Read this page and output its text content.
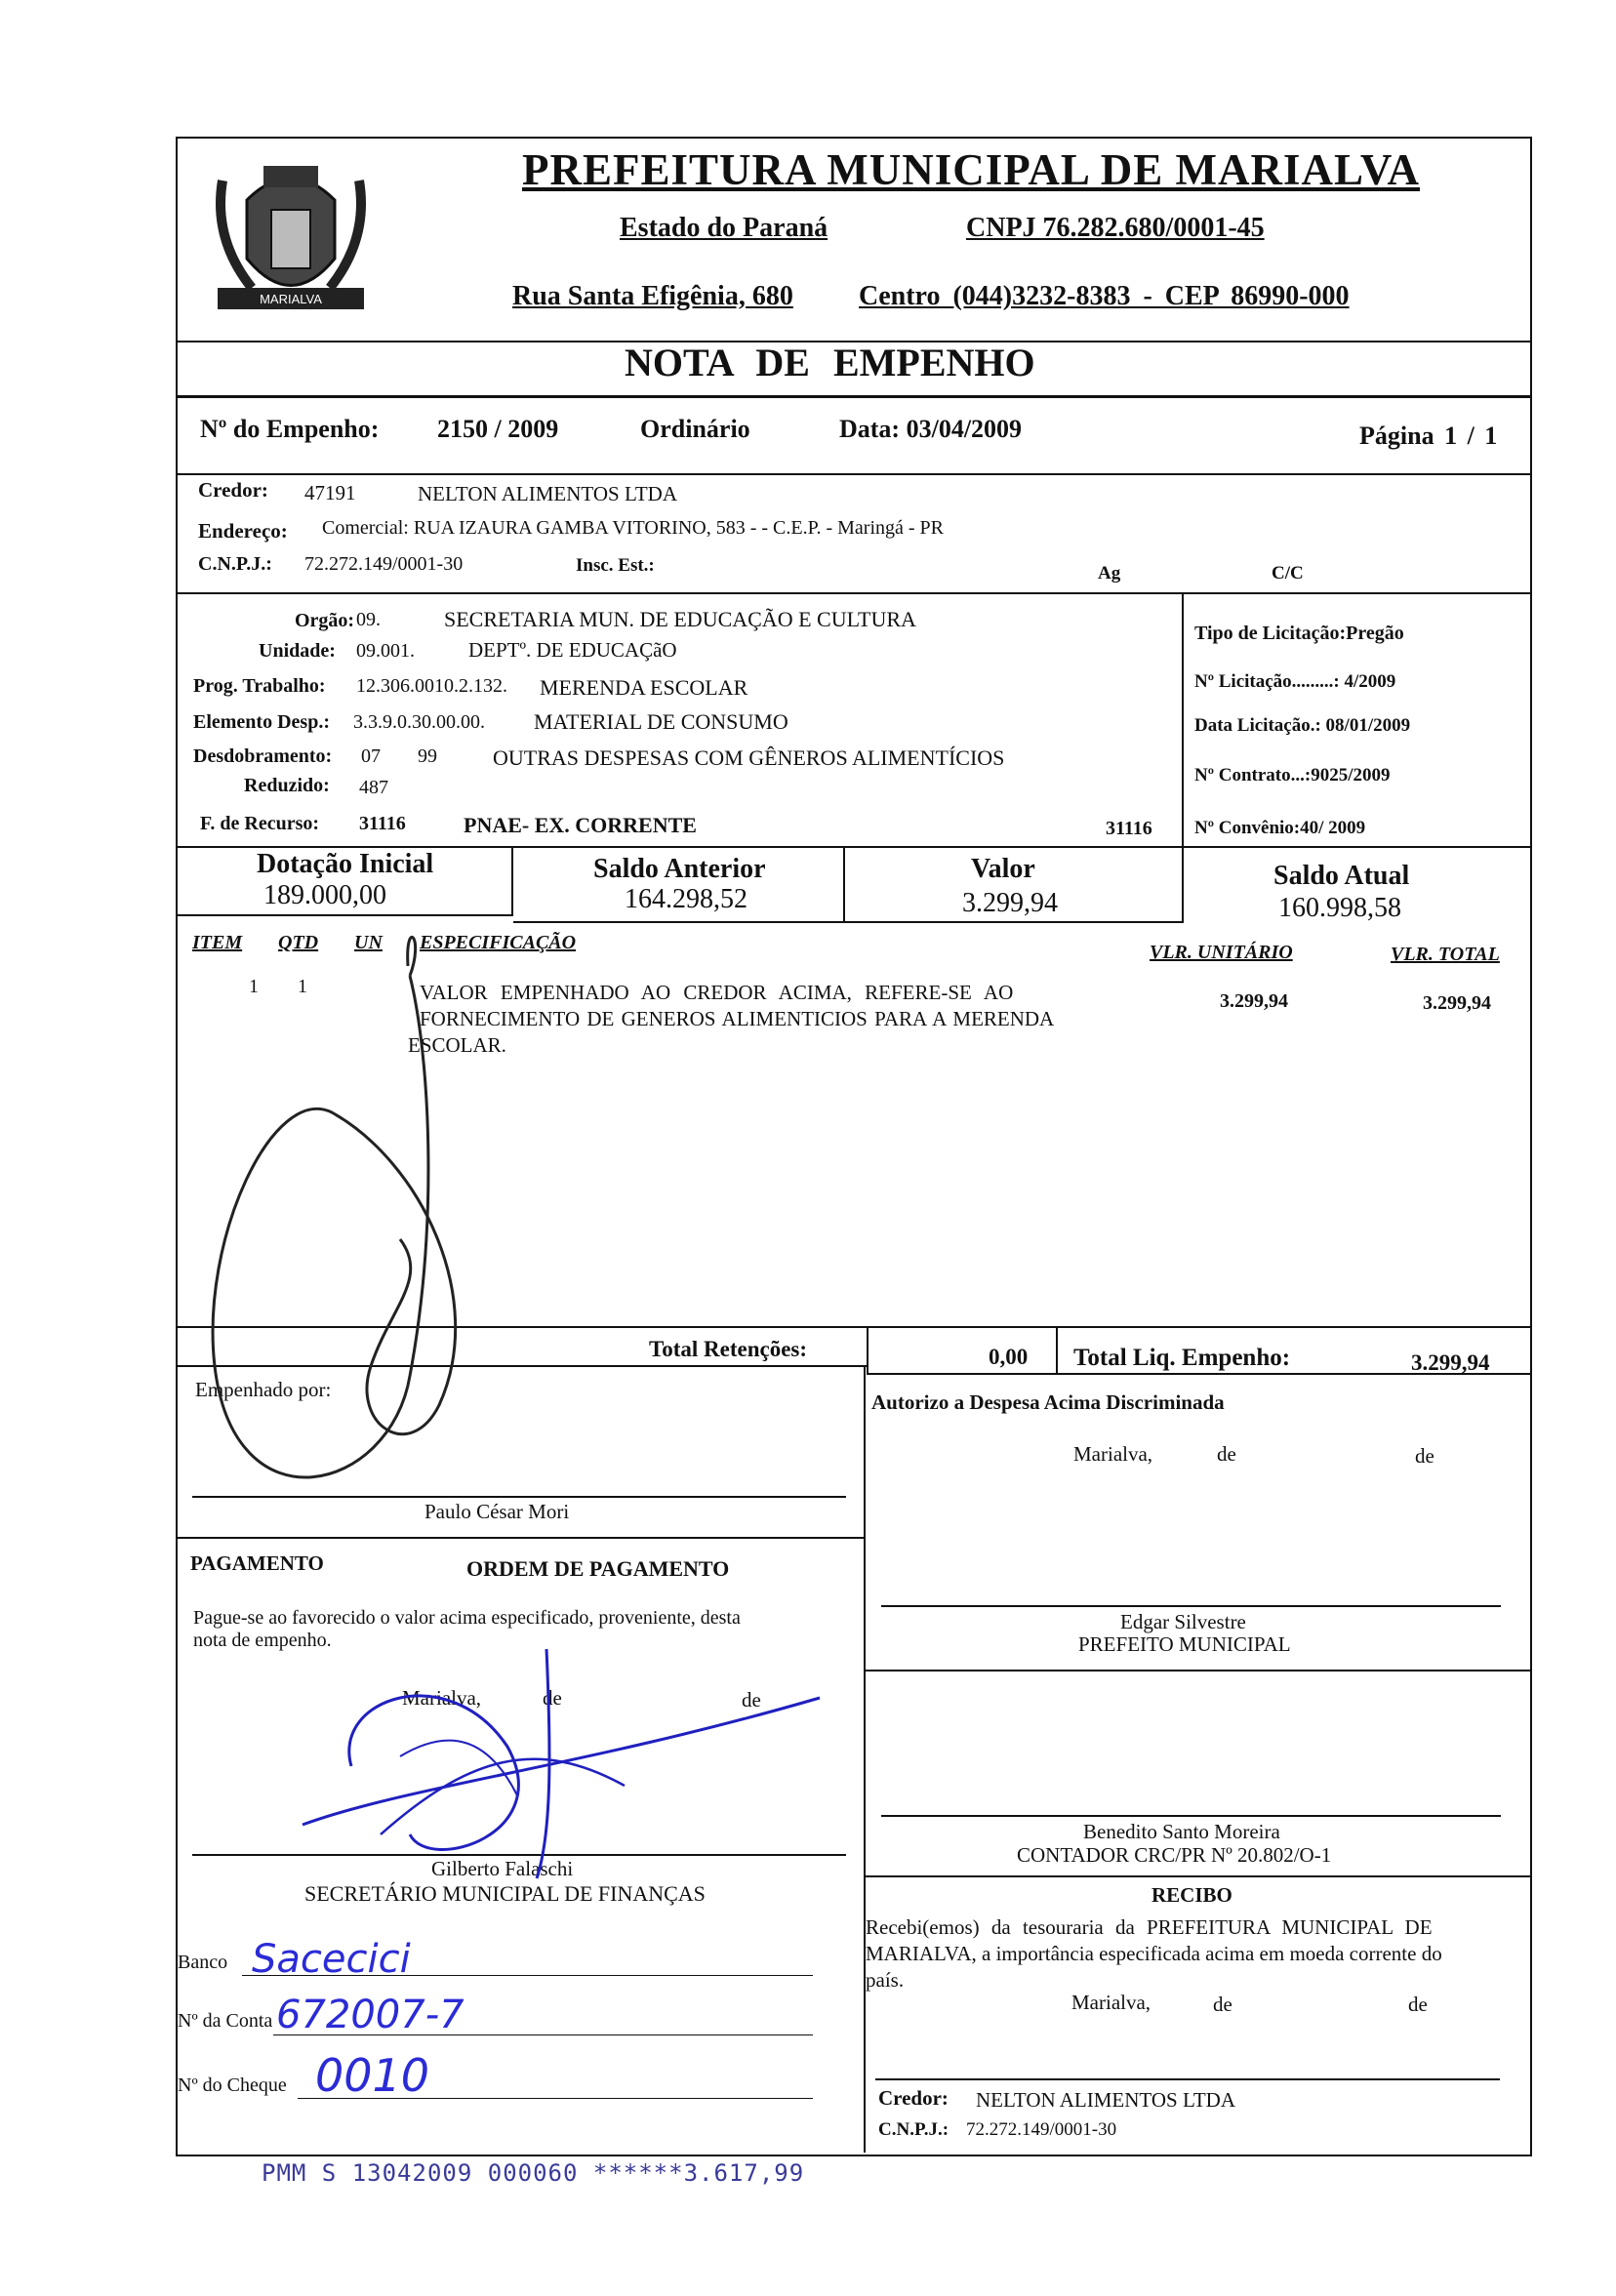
MARIALVA
PREFEITURA MUNICIPAL DE MARIALVA
Estado do Paraná	CNPJ 76.282.680/0001-45
Rua Santa Efigênia, 680 Centro (044)3232-8383 - CEP 86990-000
NOTA DE EMPENHO
Nº do Empenho: 2150 / 2009	Ordinário	Data: 03/04/2009	Página 1 / 1
Credor: 47191	NELTON ALIMENTOS LTDA
Endereço: Comercial: RUA IZAURA GAMBA VITORINO, 583 - - C.E.P. - Maringá - PR
C.N.P.J.: 72.272.149/0001-30	Insc. Est.:	Ag	C/C
Orgão: 09.	SECRETARIA MUN. DE EDUCAÇÃO E CULTURA
Unidade: 09.001.	DEPTº. DE EDUCAÇãO
Prog. Trabalho: 12.306.0010.2.132. MERENDA ESCOLAR
Elemento Desp.: 3.3.9.0.30.00.00. MATERIAL DE CONSUMO
Desdobramento: 07 99	OUTRAS DESPESAS COM GÊNEROS ALIMENTÍCIOS
Reduzido: 487
F. de Recurso: 31116	PNAE- EX. CORRENTE	31116
Tipo de Licitação:Pregão
Nº Licitação.........: 4/2009
Data Licitação.: 08/01/2009
Nº Contrato...:9025/2009
Nº Convênio:40/ 2009
Dotação Inicial
189.000,00
Saldo Anterior
164.298,52
Valor
3.299,94
Saldo Atual
160.998,58
ITEM QTD UN ESPECIFICAÇÃO	VLR. UNITÁRIO	VLR. TOTAL
1 1	VALOR EMPENHADO AO CREDOR ACIMA, REFERE-SE AO
FORNECIMENTO DE GENEROS ALIMENTICIOS PARA A MERENDA
ESCOLAR.
3.299,94	3.299,94
Total Retenções:	0,00 Total Liq. Empenho:	3.299,94
Empenhado por:
Paulo César Mori
Autorizo a Despesa Acima Discriminada
Marialva,	de	de
Edgar Silvestre
PREFEITO MUNICIPAL
PAGAMENTO	ORDEM DE PAGAMENTO
Pague-se ao favorecido o valor acima especificado, proveniente, desta
nota de empenho.
Marialva,	de	de
Gilberto Falaschi
SECRETÁRIO MUNICIPAL DE FINANÇAS
Banco Sacecici
Nº da Conta 672007-7
Nº do Cheque 0010
Benedito Santo Moreira
CONTADOR CRC/PR Nº 20.802/O-1
RECIBO
Recebi(emos) da tesouraria da PREFEITURA MUNICIPAL DE
MARIALVA, a importância especificada acima em moeda corrente do
país.
Marialva,	de	de
Credor: NELTON ALIMENTOS LTDA
C.N.P.J.: 72.272.149/0001-30
PMM S 13042009 000060 ******3.617,99
